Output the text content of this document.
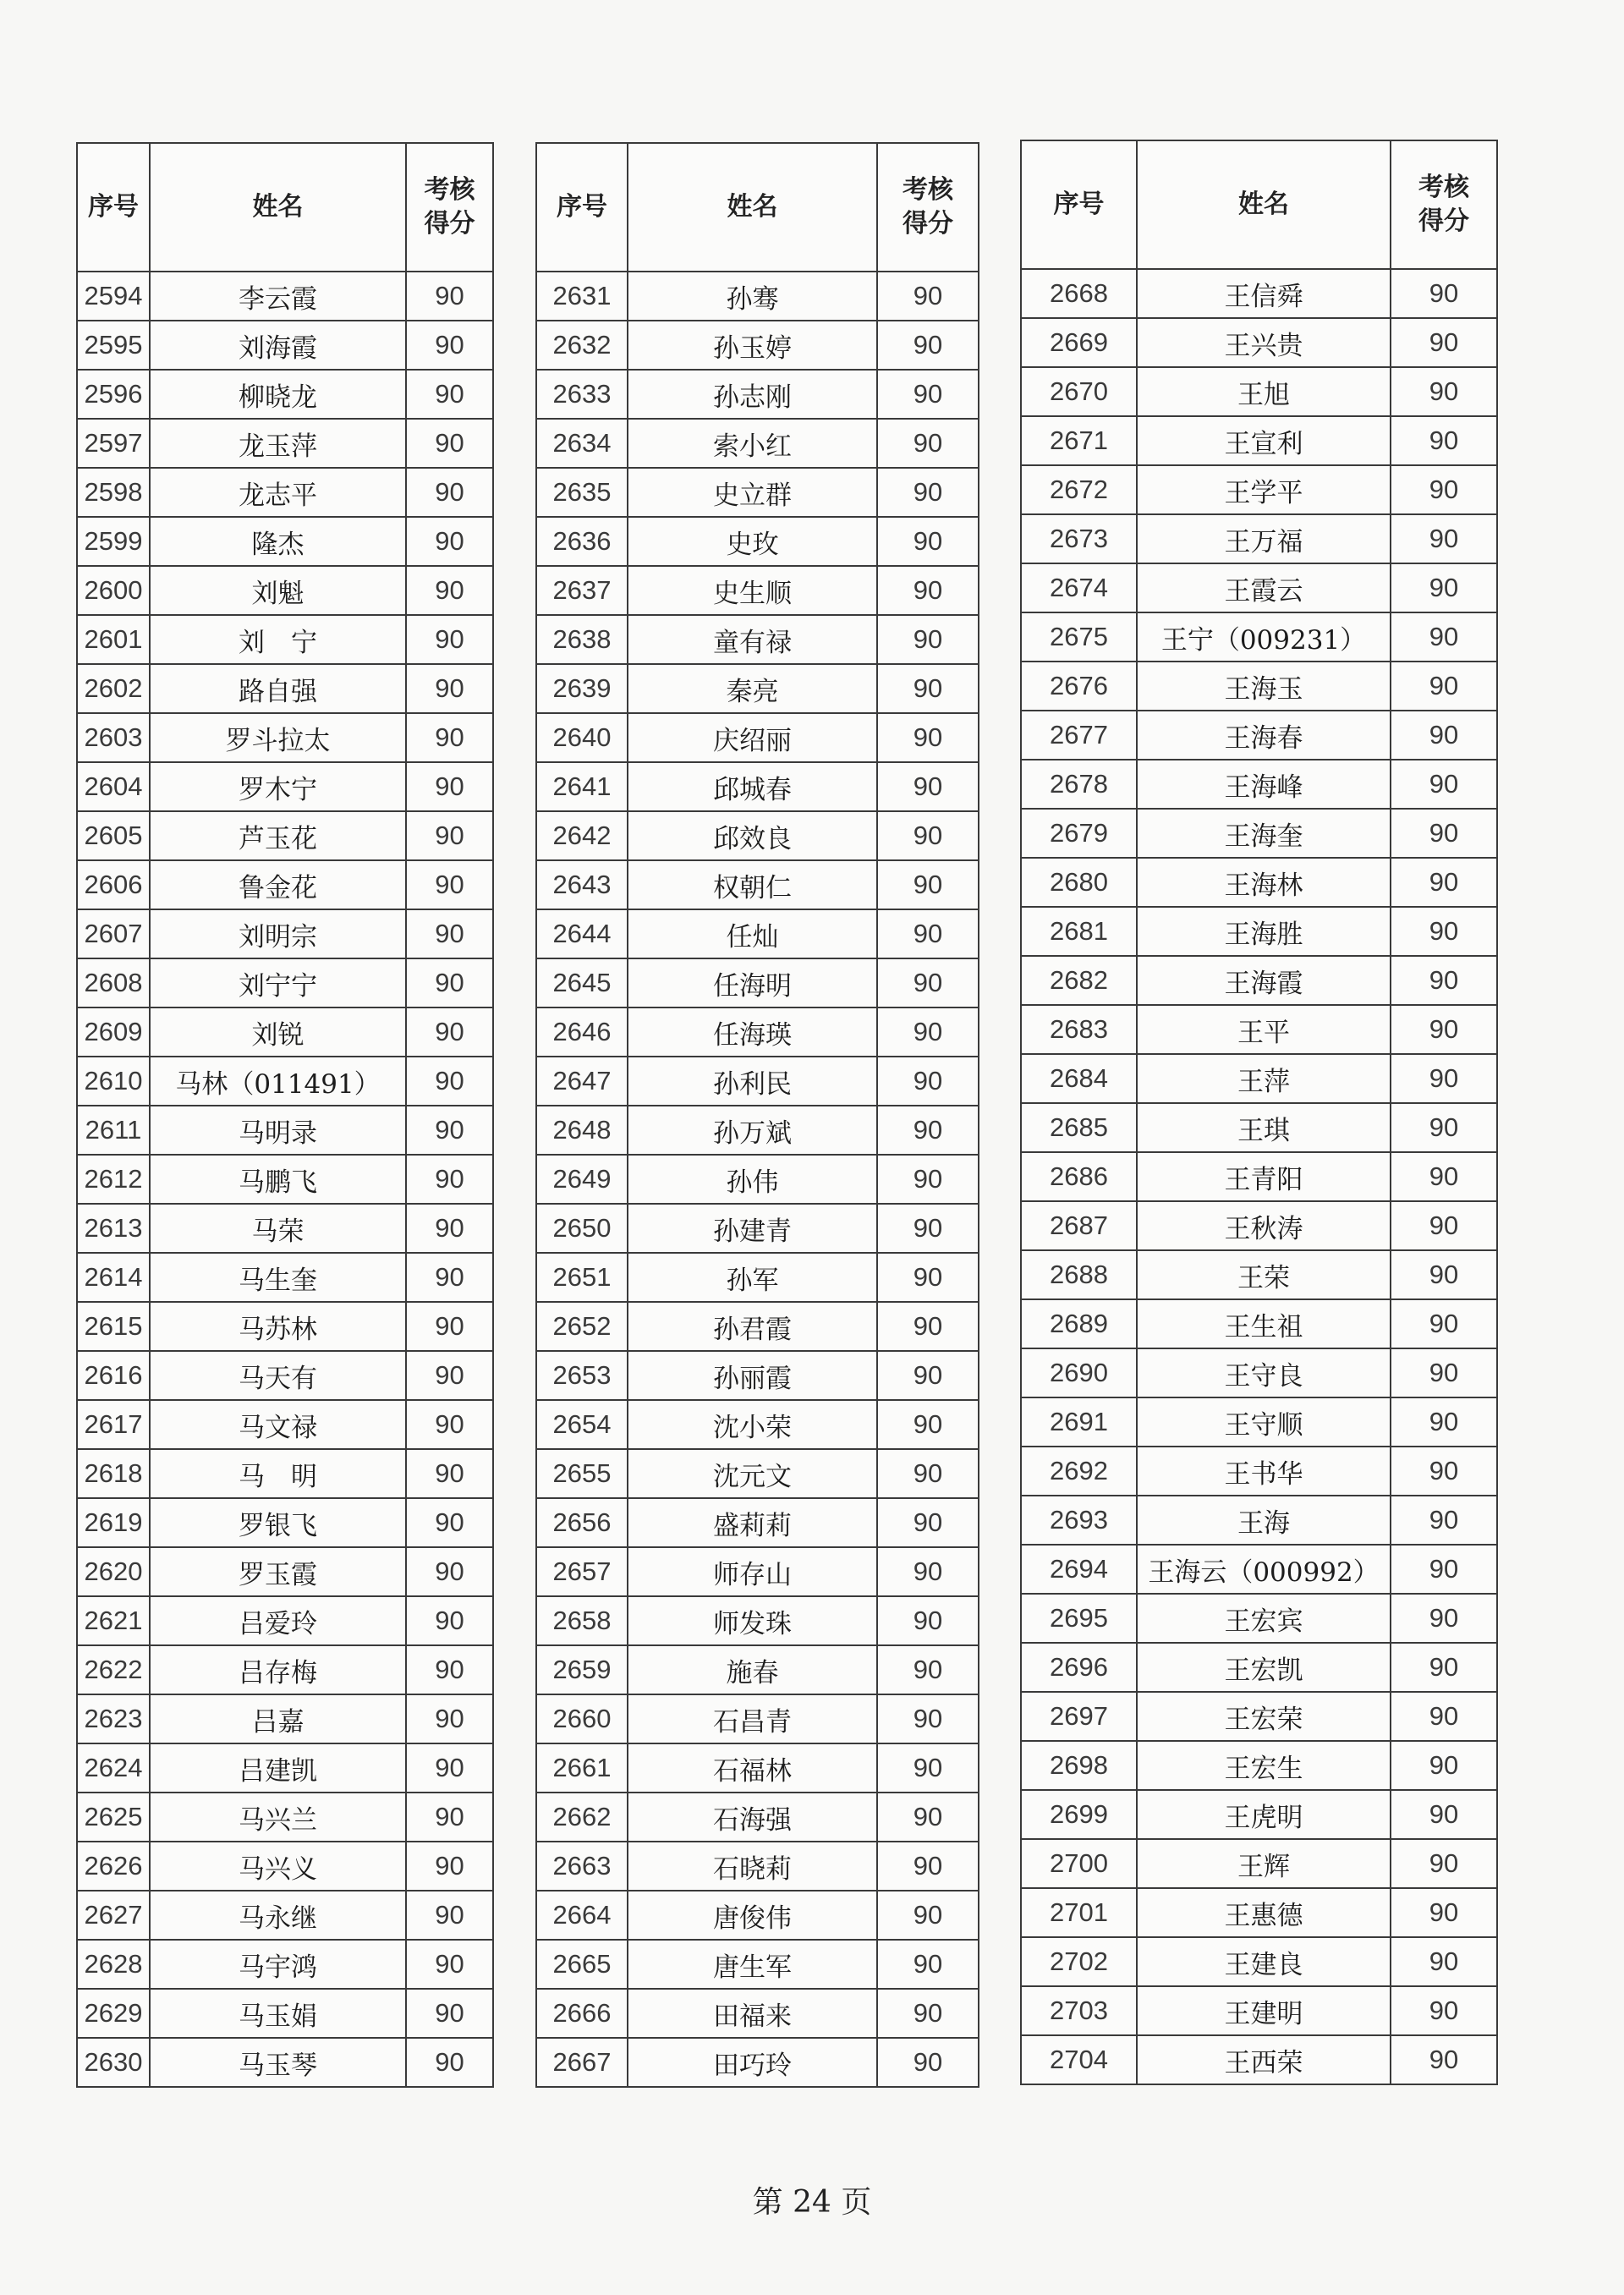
序号	姓名	考核
得分

2594	李云霞	90
2595	刘海霞	90
2596	柳晓龙	90
2597	龙玉萍	90
2598	龙志平	90
2599	隆杰	90
2600	刘魁	90
2601	刘　宁	90
2602	路自强	90
2603	罗斗拉太	90
2604	罗木宁	90
2605	芦玉花	90
2606	鲁金花	90
2607	刘明宗	90
2608	刘宁宁	90
2609	刘锐	90
2610	马林（011491）	90
2611	马明录	90
2612	马鹏飞	90
2613	马荣	90
2614	马生奎	90
2615	马苏林	90
2616	马天有	90
2617	马文禄	90
2618	马　明	90
2619	罗银飞	90
2620	罗玉霞	90
2621	吕爱玲	90
2622	吕存梅	90
2623	吕嘉	90
2624	吕建凯	90
2625	马兴兰	90
2626	马兴义	90
2627	马永继	90
2628	马宇鸿	90
2629	马玉娟	90
2630	马玉琴	90
序号	姓名	考核
得分

2631	孙骞	90
2632	孙玉婷	90
2633	孙志刚	90
2634	索小红	90
2635	史立群	90
2636	史玫	90
2637	史生顺	90
2638	童有禄	90
2639	秦亮	90
2640	庆绍丽	90
2641	邱城春	90
2642	邱效良	90
2643	权朝仁	90
2644	任灿	90
2645	任海明	90
2646	任海瑛	90
2647	孙利民	90
2648	孙万斌	90
2649	孙伟	90
2650	孙建青	90
2651	孙军	90
2652	孙君霞	90
2653	孙丽霞	90
2654	沈小荣	90
2655	沈元文	90
2656	盛莉莉	90
2657	师存山	90
2658	师发珠	90
2659	施春	90
2660	石昌青	90
2661	石福林	90
2662	石海强	90
2663	石晓莉	90
2664	唐俊伟	90
2665	唐生军	90
2666	田福来	90
2667	田巧玲	90
序号	姓名	考核
得分

2668	王信舜	90
2669	王兴贵	90
2670	王旭	90
2671	王宣利	90
2672	王学平	90
2673	王万福	90
2674	王霞云	90
2675	王宁（009231）	90
2676	王海玉	90
2677	王海春	90
2678	王海峰	90
2679	王海奎	90
2680	王海林	90
2681	王海胜	90
2682	王海霞	90
2683	王平	90
2684	王萍	90
2685	王琪	90
2686	王青阳	90
2687	王秋涛	90
2688	王荣	90
2689	王生祖	90
2690	王守良	90
2691	王守顺	90
2692	王书华	90
2693	王海	90
2694	王海云（000992）	90
2695	王宏宾	90
2696	王宏凯	90
2697	王宏荣	90
2698	王宏生	90
2699	王虎明	90
2700	王辉	90
2701	王惠德	90
2702	王建良	90
2703	王建明	90
2704	王西荣	90
第 24 页
